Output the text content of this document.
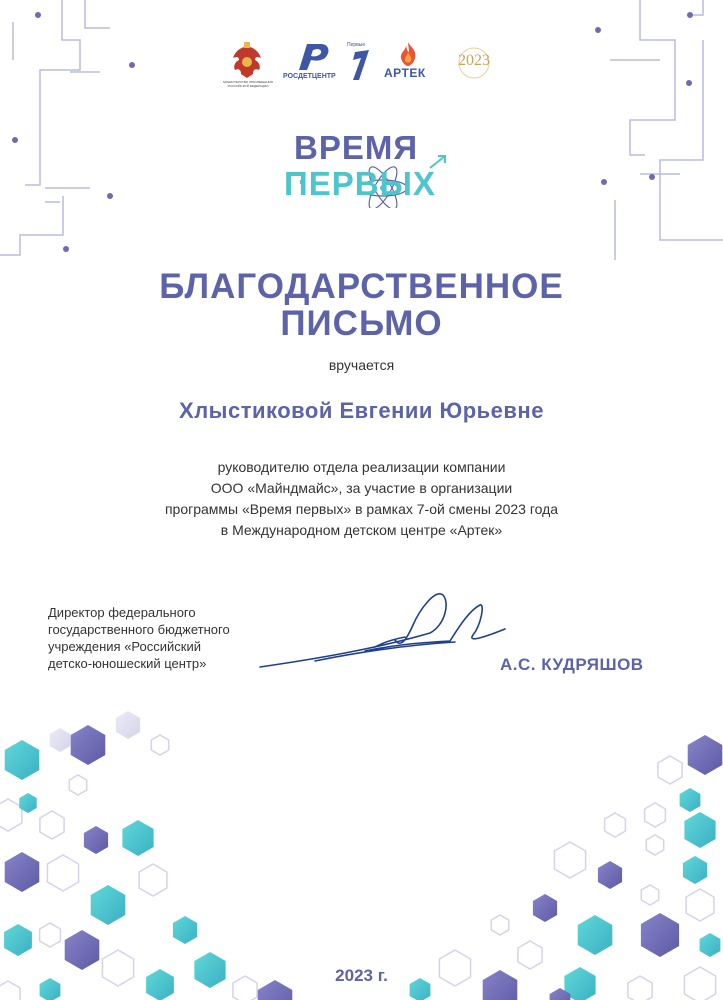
МИНИСТЕРСТВО ПРОСВЕЩЕНИЯ РОССИЙСКОЙ ФЕДЕРАЦИИ
РОСДЕТЦЕНТР
Первые
АРТЕК
2023
ВРЕМЯ
ПЕРВЫХ
БЛАГОДАРСТВЕННОЕ
ПИСЬМО
вручается
Хлыстиковой Евгении Юрьевне
руководителю отдела реализации компании
ООО «Майндмайс», за участие в организации
программы «Время первых» в рамках 7-ой смены 2023 года
в Международном детском центре «Артек»
Директор федерального
государственного бюджетного
учреждения «Российский
детско-юношеский центр»	А.С. КУДРЯШОВ
2023 г.
